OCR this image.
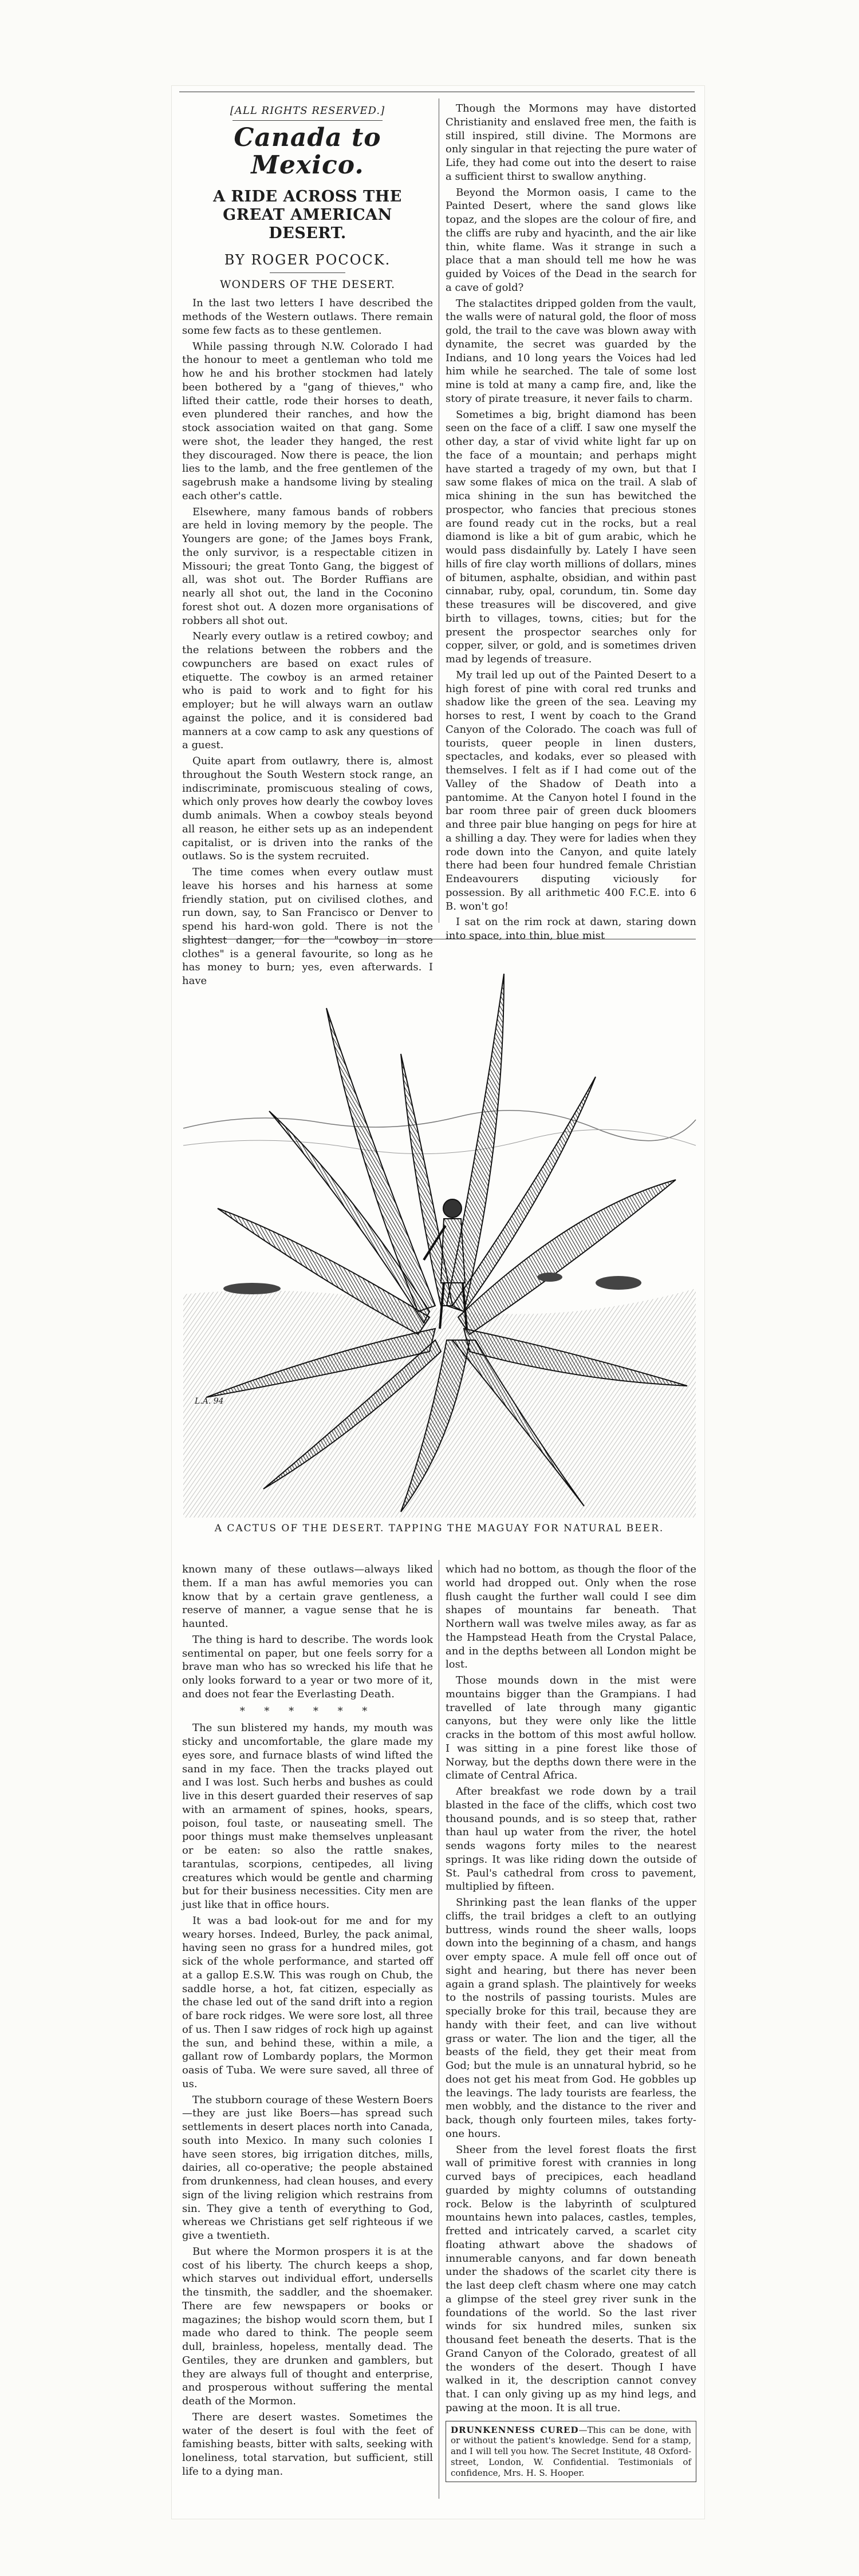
[ALL RIGHTS RESERVED.]
Canada to Mexico.
A RIDE ACROSS THE GREAT AMERICAN DESERT.
BY ROGER POCOCK.
WONDERS OF THE DESERT.

In the last two letters I have described the methods of the Western outlaws. There remain some few facts as to these gentlemen.

While passing through N.W. Colorado I had the honour to meet a gentleman who told me how he and his brother stockmen had lately been bothered by a "gang of thieves," who lifted their cattle, rode their horses to death, even plundered their ranches, and how the stock association waited on that gang. Some were shot, the leader they hanged, the rest they discouraged. Now there is peace, the lion lies to the lamb, and the free gentlemen of the sagebrush make a handsome living by stealing each other's cattle.

Elsewhere, many famous bands of robbers are held in loving memory by the people. The Youngers are gone; of the James boys Frank, the only survivor, is a respectable citizen in Missouri; the great Tonto Gang, the biggest of all, was shot out. The Border Ruffians are nearly all shot out, the land in the Coconino forest shot out. A dozen more organisations of robbers all shot out.

Nearly every outlaw is a retired cowboy; and the relations between the robbers and the cowpunchers are based on exact rules of etiquette. The cowboy is an armed retainer who is paid to work and to fight for his employer; but he will always warn an outlaw against the police, and it is considered bad manners at a cow camp to ask any questions of a guest.

Quite apart from outlawry, there is, almost throughout the South Western stock range, an indiscriminate, promiscuous stealing of cows, which only proves how dearly the cowboy loves dumb animals. When a cowboy steals beyond all reason, he either sets up as an independent capitalist, or is driven into the ranks of the outlaws. So is the system recruited.

The time comes when every outlaw must leave his horses and his harness at some friendly station, put on civilised clothes, and run down, say, to San Francisco or Denver to spend his hard-won gold. There is not the slightest danger, for the "cowboy in store clothes" is a general favourite, so long as he has money to burn; yes, even afterwards. I have

Though the Mormons may have distorted Christianity and enslaved free men, the faith is still inspired, still divine. The Mormons are only singular in that rejecting the pure water of Life, they had come out into the desert to raise a sufficient thirst to swallow anything.

Beyond the Mormon oasis, I came to the Painted Desert, where the sand glows like topaz, and the slopes are the colour of fire, and the cliffs are ruby and hyacinth, and the air like thin, white flame. Was it strange in such a place that a man should tell me how he was guided by Voices of the Dead in the search for a cave of gold?

The stalactites dripped golden from the vault, the walls were of natural gold, the floor of moss gold, the trail to the cave was blown away with dynamite, the secret was guarded by the Indians, and 10 long years the Voices had led him while he searched. The tale of some lost mine is told at many a camp fire, and, like the story of pirate treasure, it never fails to charm.

Sometimes a big, bright diamond has been seen on the face of a cliff. I saw one myself the other day, a star of vivid white light far up on the face of a mountain; and perhaps might have started a tragedy of my own, but that I saw some flakes of mica on the trail. A slab of mica shining in the sun has bewitched the prospector, who fancies that precious stones are found ready cut in the rocks, but a real diamond is like a bit of gum arabic, which he would pass disdainfully by. Lately I have seen hills of fire clay worth millions of dollars, mines of bitumen, asphalte, obsidian, and within past cinnabar, ruby, opal, corundum, tin. Some day these treasures will be discovered, and give birth to villages, towns, cities; but for the present the prospector searches only for copper, silver, or gold, and is sometimes driven mad by legends of treasure.

My trail led up out of the Painted Desert to a high forest of pine with coral red trunks and shadow like the green of the sea. Leaving my horses to rest, I went by coach to the Grand Canyon of the Colorado. The coach was full of tourists, queer people in linen dusters, spectacles, and kodaks, ever so pleased with themselves. I felt as if I had come out of the Valley of the Shadow of Death into a pantomime. At the Canyon hotel I found in the bar room three pair of green duck bloomers and three pair blue hanging on pegs for hire at a shilling a day. They were for ladies when they rode down into the Canyon, and quite lately there had been four hundred female Christian Endeavourers disputing viciously for possession. By all arithmetic 400 F.C.E. into 6 B. won't go!

I sat on the rim rock at dawn, staring down into space, into thin, blue mist

L.A. 94
A CACTUS OF THE DESERT. TAPPING THE MAGUAY FOR NATURAL BEER.

known many of these outlaws—always liked them. If a man has awful memories you can know that by a certain grave gentleness, a reserve of manner, a vague sense that he is haunted.

The thing is hard to describe. The words look sentimental on paper, but one feels sorry for a brave man who has so wrecked his life that he only looks forward to a year or two more of it, and does not fear the Everlasting Death.

* * * * * *

The sun blistered my hands, my mouth was sticky and uncomfortable, the glare made my eyes sore, and furnace blasts of wind lifted the sand in my face. Then the tracks played out and I was lost. Such herbs and bushes as could live in this desert guarded their reserves of sap with an armament of spines, hooks, spears, poison, foul taste, or nauseating smell. The poor things must make themselves unpleasant or be eaten: so also the rattle snakes, tarantulas, scorpions, centipedes, all living creatures which would be gentle and charming but for their business necessities. City men are just like that in office hours.

It was a bad look-out for me and for my weary horses. Indeed, Burley, the pack animal, having seen no grass for a hundred miles, got sick of the whole performance, and started off at a gallop E.S.W. This was rough on Chub, the saddle horse, a hot, fat citizen, especially as the chase led out of the sand drift into a region of bare rock ridges. We were sore lost, all three of us. Then I saw ridges of rock high up against the sun, and behind these, within a mile, a gallant row of Lombardy poplars, the Mormon oasis of Tuba. We were sure saved, all three of us.

The stubborn courage of these Western Boers—they are just like Boers—has spread such settlements in desert places north into Canada, south into Mexico. In many such colonies I have seen stores, big irrigation ditches, mills, dairies, all co-operative; the people abstained from drunkenness, had clean houses, and every sign of the living religion which restrains from sin. They give a tenth of everything to God, whereas we Christians get self righteous if we give a twentieth.

But where the Mormon prospers it is at the cost of his liberty. The church keeps a shop, which starves out individual effort, undersells the tinsmith, the saddler, and the shoemaker. There are few newspapers or books or magazines; the bishop would scorn them, but I made who dared to think. The people seem dull, brainless, hopeless, mentally dead. The Gentiles, they are drunken and gamblers, but they are always full of thought and enterprise, and prosperous without suffering the mental death of the Mormon.

There are desert wastes. Sometimes the water of the desert is foul with the feet of famishing beasts, bitter with salts, seeking with loneliness, total starvation, but sufficient, still life to a dying man.

which had no bottom, as though the floor of the world had dropped out. Only when the rose flush caught the further wall could I see dim shapes of mountains far beneath. That Northern wall was twelve miles away, as far as the Hampstead Heath from the Crystal Palace, and in the depths between all London might be lost.

Those mounds down in the mist were mountains bigger than the Grampians. I had travelled of late through many gigantic canyons, but they were only like the little cracks in the bottom of this most awful hollow. I was sitting in a pine forest like those of Norway, but the depths down there were in the climate of Central Africa.

After breakfast we rode down by a trail blasted in the face of the cliffs, which cost two thousand pounds, and is so steep that, rather than haul up water from the river, the hotel sends wagons forty miles to the nearest springs. It was like riding down the outside of St. Paul's cathedral from cross to pavement, multiplied by fifteen.

Shrinking past the lean flanks of the upper cliffs, the trail bridges a cleft to an outlying buttress, winds round the sheer walls, loops down into the beginning of a chasm, and hangs over empty space. A mule fell off once out of sight and hearing, but there has never been again a grand splash. The plaintively for weeks to the nostrils of passing tourists. Mules are specially broke for this trail, because they are handy with their feet, and can live without grass or water. The lion and the tiger, all the beasts of the field, they get their meat from God; but the mule is an unnatural hybrid, so he does not get his meat from God. He gobbles up the leavings. The lady tourists are fearless, the men wobbly, and the distance to the river and back, though only fourteen miles, takes forty-one hours.

Sheer from the level forest floats the first wall of primitive forest with crannies in long curved bays of precipices, each headland guarded by mighty columns of outstanding rock. Below is the labyrinth of sculptured mountains hewn into palaces, castles, temples, fretted and intricately carved, a scarlet city floating athwart above the shadows of innumerable canyons, and far down beneath under the shadows of the scarlet city there is the last deep cleft chasm where one may catch a glimpse of the steel grey river sunk in the foundations of the world. So the last river winds for six hundred miles, sunken six thousand feet beneath the deserts. That is the Grand Canyon of the Colorado, greatest of all the wonders of the desert. Though I have walked in it, the description cannot convey that. I can only giving up as my hind legs, and pawing at the moon. It is all true.

DRUNKENNESS CURED—This can be done, with or without the patient's knowledge. Send for a stamp, and I will tell you how. The Secret Institute, 48 Oxford-street, London, W. Confidential. Testimonials of confidence, Mrs. H. S. Hooper.
